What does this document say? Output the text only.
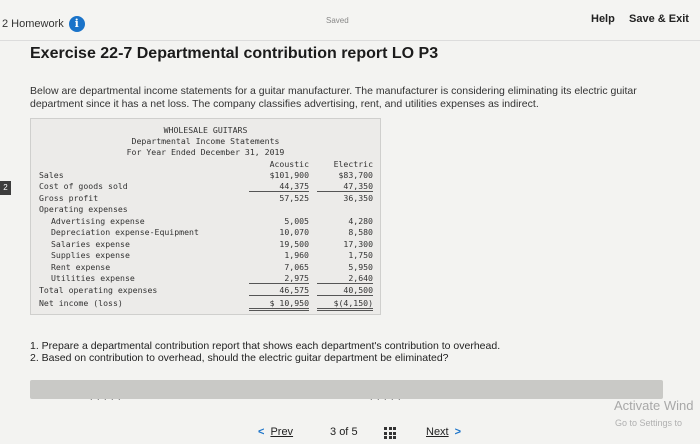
2 Homework i	Saved	Help Save & Exit
Exercise 22-7 Departmental contribution report LO P3
Below are departmental income statements for a guitar manufacturer. The manufacturer is considering eliminating its electric guitar
department since it has a net loss. The company classifies advertising, rent, and utilities expenses as indirect.
2
WHOLESALE GUITARS
Departmental Income Statements
For Year Ended December 31, 2019
Acoustic	Electric
Sales	$101,900	$83,700
Cost of goods sold	44,375	47,350
Gross profit	57,525	36,350
Operating expenses
Advertising expense	5,005	4,280
Depreciation expense-Equipment	10,070	8,580
Salaries expense	19,500	17,300
Supplies expense	1,960	1,750
Rent expense	7,065	5,950
Utilities expense	2,975	2,640
Total operating expenses	46,575	40,500
Net income (loss)	$ 10,950	$(4,150)
1. Prepare a departmental contribution report that shows each department's contribution to overhead.
2. Based on contribution to overhead, should the electric guitar department be eliminated?
. . . . .                                                                       . . . . .
< Prev	3 of 5	Next >
Activate Wind
Go to Settings to
